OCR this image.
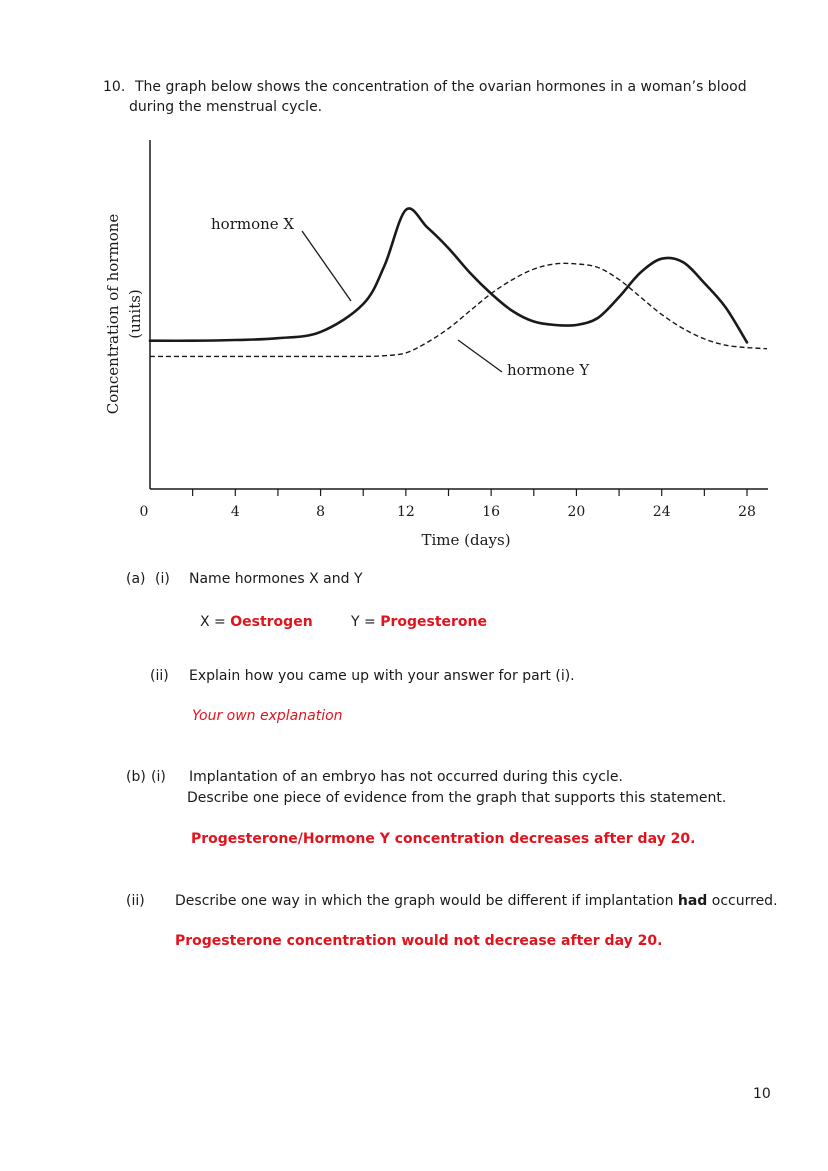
10. The graph below shows the concentration of the ovarian hormones in a woman’s blood
during the menstrual cycle.
0	4	8	12	16	20	24	28
Time (days)
Concentration of hormone (units)
hormone X
hormone Y
(a) (i) Name hormones X and Y
X = Oestrogen	Y = Progesterone
(ii) Explain how you came up with your answer for part (i).
Your own explanation
(b) (i) Implantation of an embryo has not occurred during this cycle.
Describe one piece of evidence from the graph that supports this statement.
Progesterone/Hormone Y concentration decreases after day 20.
(ii) Describe one way in which the graph would be different if implantation had occurred.
Progesterone concentration would not decrease after day 20.
10
